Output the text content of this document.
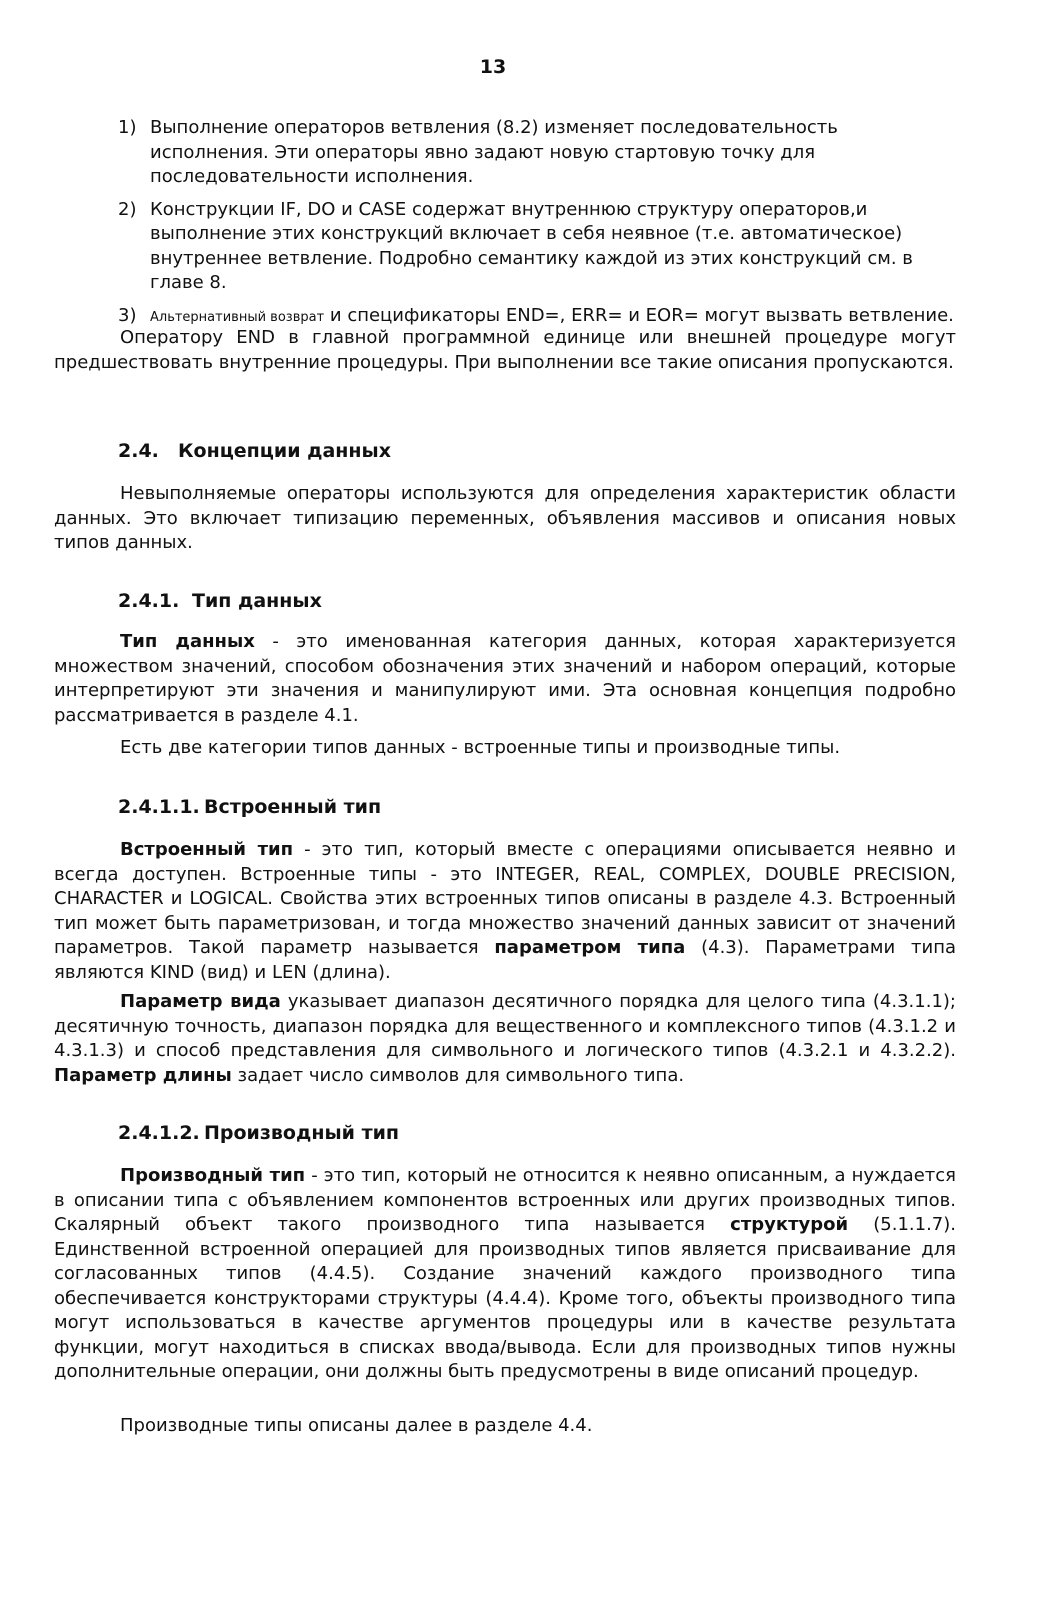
13
1) Выполнение операторов ветвления (8.2) изменяет последовательность исполнения. Эти операторы явно задают новую стартовую точку для последовательности исполнения.
2) Конструкции IF, DO и CASE содержат внутреннюю структуру операторов,и выполнение этих конструкций включает в себя неявное (т.е. автоматическое) внутреннее ветвление. Подробно семантику каждой из этих конструкций см. в главе 8.
3) Альтернативный возврат и спецификаторы END=, ERR= и EOR= могут вызвать ветвление.

Оператору END в главной программной единице или внешней процедуре могут предшествовать внутренние процедуры. При выполнении все такие описания пропускаются.

2.4. Концепции данных

Невыполняемые операторы используются для определения характеристик области данных. Это включает типизацию переменных, объявления массивов и описания новых типов данных.

2.4.1. Тип данных

Тип данных - это именованная категория данных, которая характеризуется множеством значений, способом обозначения этих значений и набором операций, которые интерпретируют эти значения и манипулируют ими. Эта основная концепция подробно рассматривается в разделе 4.1.

Есть две категории типов данных - встроенные типы и производные типы.

2.4.1.1. Встроенный тип

Встроенный тип - это тип, который вместе с операциями описывается неявно и всегда доступен. Встроенные типы - это INTEGER, REAL, COMPLEX, DOUBLE PRECISION, CHARACTER и LOGICAL. Свойства этих встроенных типов описаны в разделе 4.3. Встроенный тип может быть параметризован, и тогда множество значений данных зависит от значений параметров. Такой параметр называется параметром типа (4.3). Параметрами типа являются KIND (вид) и LEN (длина).

Параметр вида указывает диапазон десятичного порядка для целого типа (4.3.1.1); десятичную точность, диапазон порядка для вещественного и комплексного типов (4.3.1.2 и 4.3.1.3) и способ представления для символьного и логического типов (4.3.2.1 и 4.3.2.2). Параметр длины задает число символов для символьного типа.

2.4.1.2. Производный тип

Производный тип - это тип, который не относится к неявно описанным, а нуждается в описании типа с объявлением компонентов встроенных или других производных типов. Скалярный объект такого производного типа называется структурой (5.1.1.7). Единственной встроенной операцией для производных типов является присваивание для согласованных типов (4.4.5). Создание значений каждого производного типа обеспечивается конструкторами структуры (4.4.4). Кроме того, объекты производного типа могут использоваться в качестве аргументов процедуры или в качестве результата функции, могут находиться в списках ввода/вывода. Если для производных типов нужны дополнительные операции, они должны быть предусмотрены в виде описаний процедур.

Производные типы описаны далее в разделе 4.4.
